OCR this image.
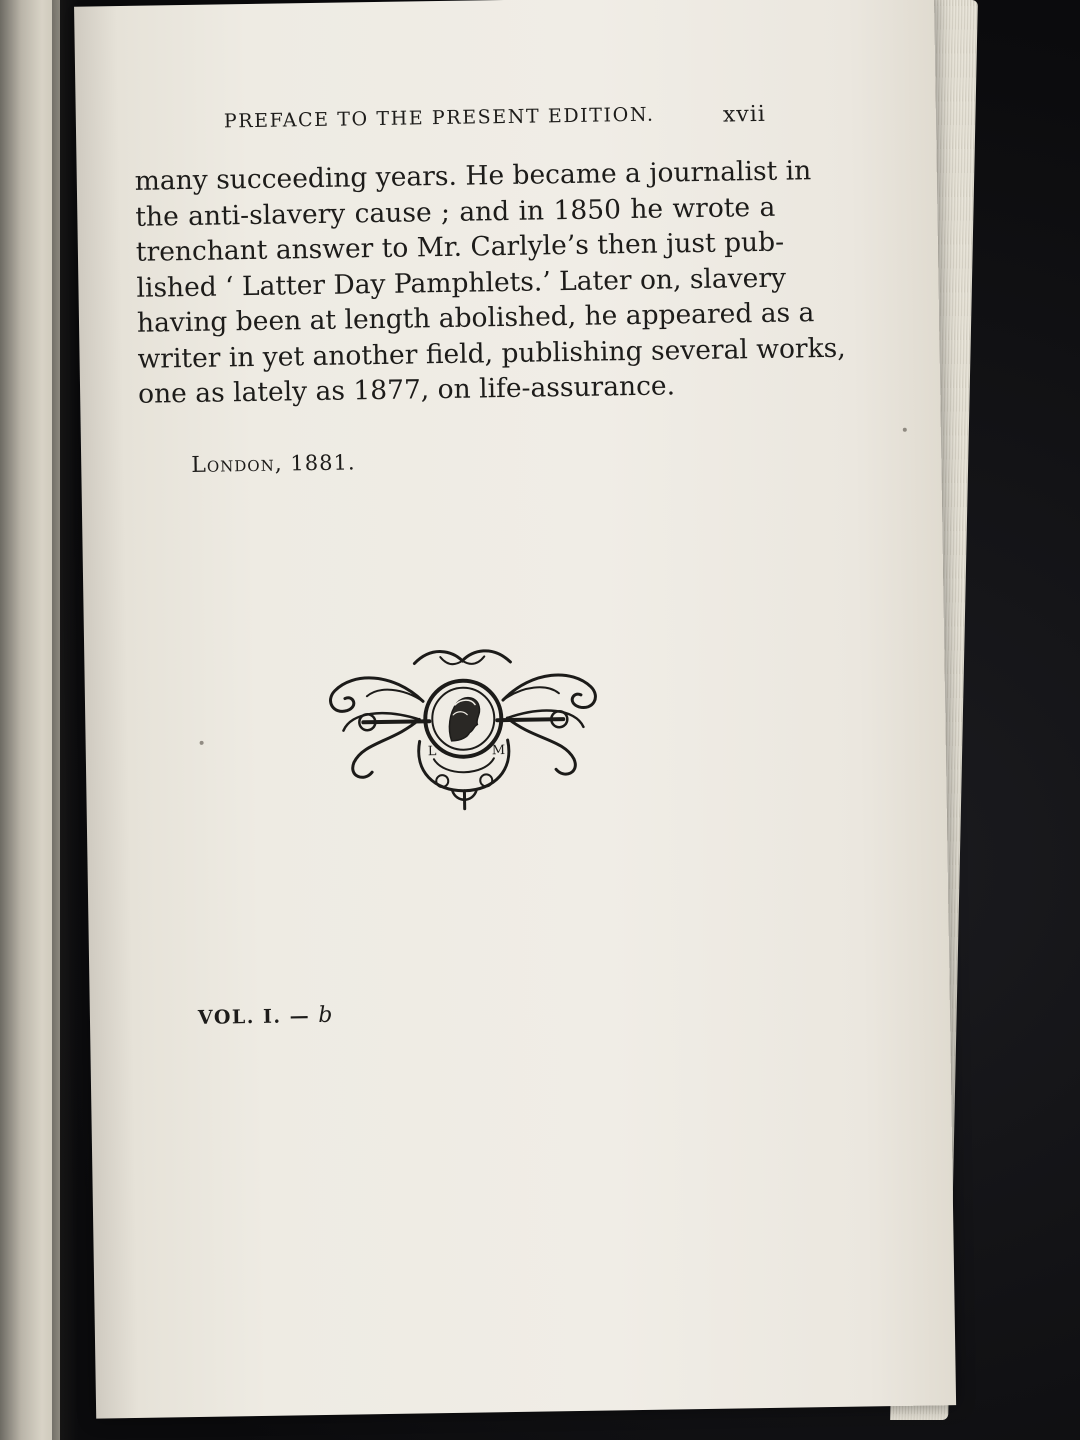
PREFACE TO THE PRESENT EDITION.	xvii
many succeeding years. He became a journalist in
the anti-slavery cause ; and in 1850 he wrote a
trenchant answer to Mr. Carlyle’s then just pub-
lished ‘ Latter Day Pamphlets.’ Later on, slavery
having been at length abolished, he appeared as a
writer in yet another field, publishing several works,
one as lately as 1877, on life-assurance.
London, 1881.
L	M
VOL. I. — b
